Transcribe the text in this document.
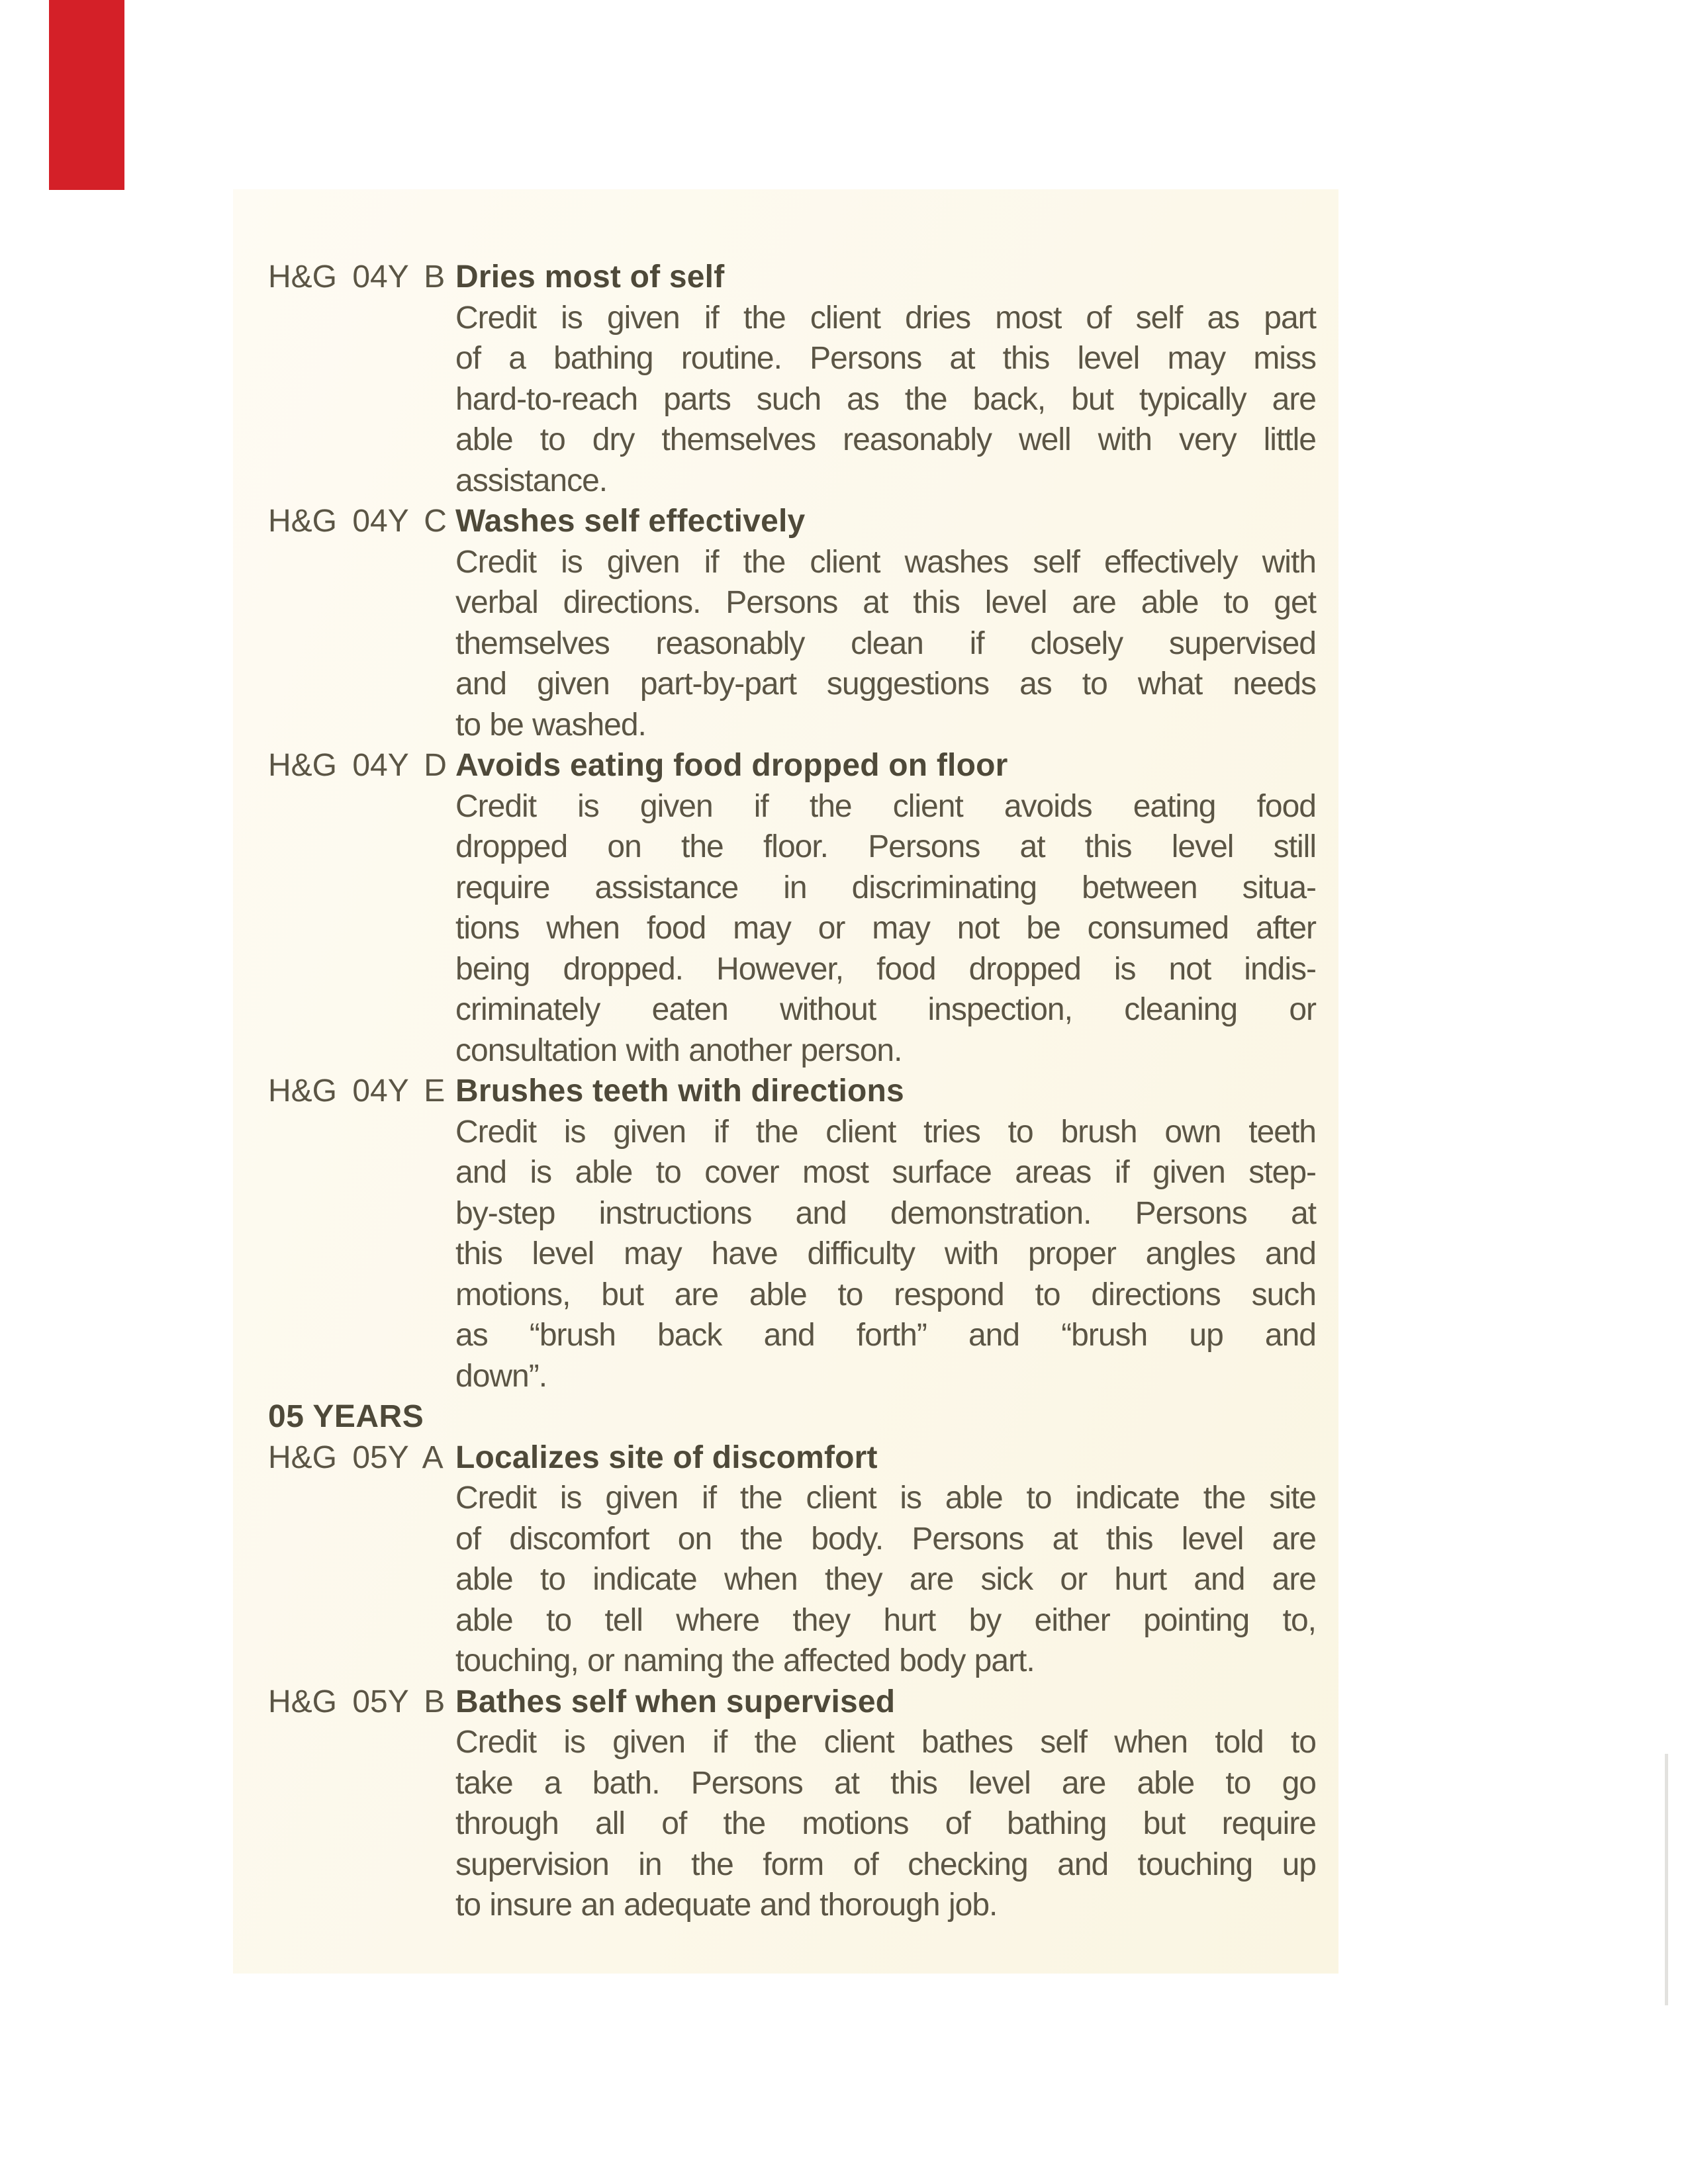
H&G 04Y B Dries most of self
Credit is given if the client dries most of self as part
of a bathing routine. Persons at this level may miss
hard-to-reach parts such as the back, but typically are
able to dry themselves reasonably well with very little
assistance.
H&G 04Y C Washes self effectively
Credit is given if the client washes self effectively with
verbal directions. Persons at this level are able to get
themselves reasonably clean if closely supervised
and given part-by-part suggestions as to what needs
to be washed.
H&G 04Y D Avoids eating food dropped on floor
Credit is given if the client avoids eating food
dropped on the floor. Persons at this level still
require assistance in discriminating between situa-
tions when food may or may not be consumed after
being dropped. However, food dropped is not indis-
criminately eaten without inspection, cleaning or
consultation with another person.
H&G 04Y E Brushes teeth with directions
Credit is given if the client tries to brush own teeth
and is able to cover most surface areas if given step-
by-step instructions and demonstration. Persons at
this level may have difficulty with proper angles and
motions, but are able to respond to directions such
as “brush back and forth” and “brush up and
down”.
05 YEARS
H&G 05Y A Localizes site of discomfort
Credit is given if the client is able to indicate the site
of discomfort on the body. Persons at this level are
able to indicate when they are sick or hurt and are
able to tell where they hurt by either pointing to,
touching, or naming the affected body part.
H&G 05Y B Bathes self when supervised
Credit is given if the client bathes self when told to
take a bath. Persons at this level are able to go
through all of the motions of bathing but require
supervision in the form of checking and touching up
to insure an adequate and thorough job.
